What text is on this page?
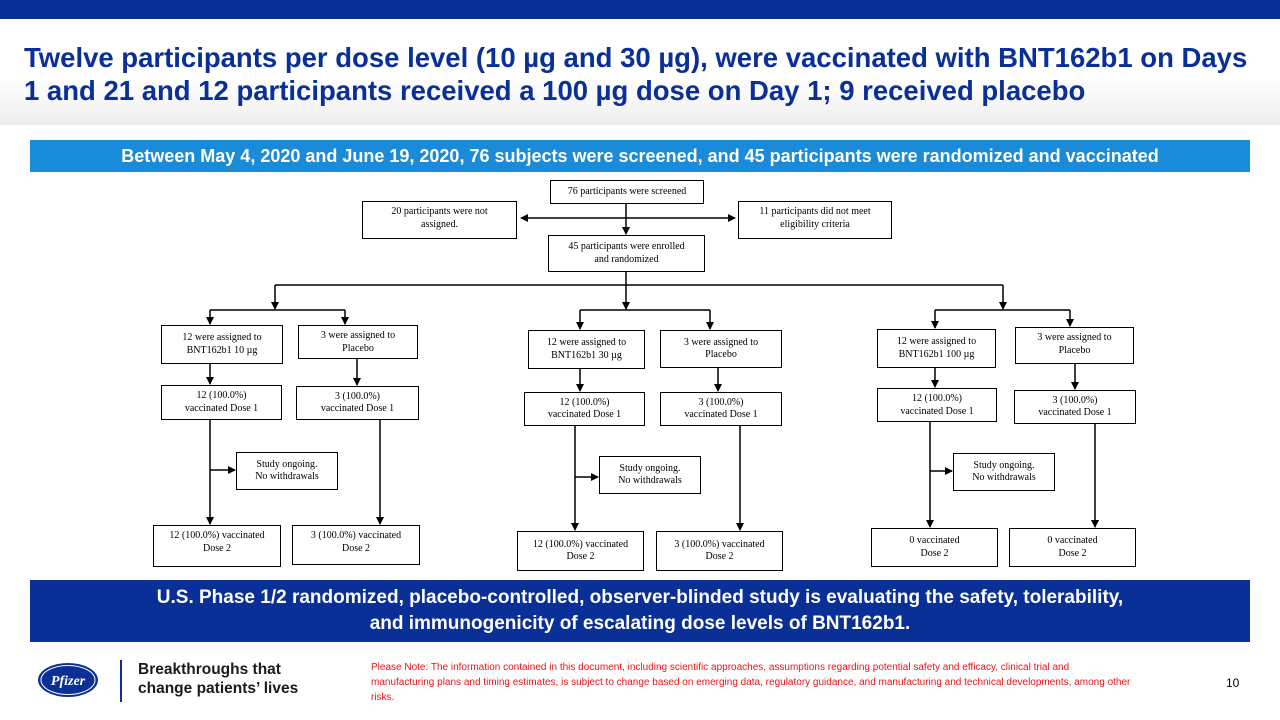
Twelve participants per dose level (10 µg and 30 µg), were vaccinated with BNT162b1 on Days 1 and 21 and 12 participants received a 100 µg dose on Day 1; 9 received placebo
Between May 4, 2020 and June 19, 2020, 76 subjects were screened, and 45 participants were randomized and vaccinated
76 participants were screened
20 participants were not
assigned.
11 participants did not meet
eligibility criteria
45 participants were enrolled
and randomized
12 were assigned to
BNT162b1 10 µg
3 were assigned to
Placebo
12 (100.0%)
vaccinated Dose 1
3 (100.0%)
vaccinated Dose 1
Study ongoing.
No withdrawals
12 (100.0%) vaccinated
Dose 2
3 (100.0%) vaccinated
Dose 2
12 were assigned to
BNT162b1 30 µg
3 were assigned to
Placebo
12 (100.0%)
vaccinated Dose 1
3 (100.0%)
vaccinated Dose 1
Study ongoing.
No withdrawals
12 (100.0%) vaccinated
Dose 2
3 (100.0%) vaccinated
Dose 2
12 were assigned to
BNT162b1 100 µg
3 were assigned to
Placebo
12 (100.0%)
vaccinated Dose 1
3 (100.0%)
vaccinated Dose 1
Study ongoing.
No withdrawals
0 vaccinated
Dose 2
0 vaccinated
Dose 2
U.S. Phase 1/2 randomized, placebo-controlled, observer-blinded study is evaluating the safety, tolerability,
and immunogenicity of escalating dose levels of BNT162b1.
Pfizer
Breakthroughs that
change patients’ lives
Please Note: The information contained in this document, including scientific approaches, assumptions regarding potential safety and efficacy, clinical trial and manufacturing plans and timing estimates, is subject to change based on emerging data, regulatory guidance, and manufacturing and technical developments, among other risks.
10
